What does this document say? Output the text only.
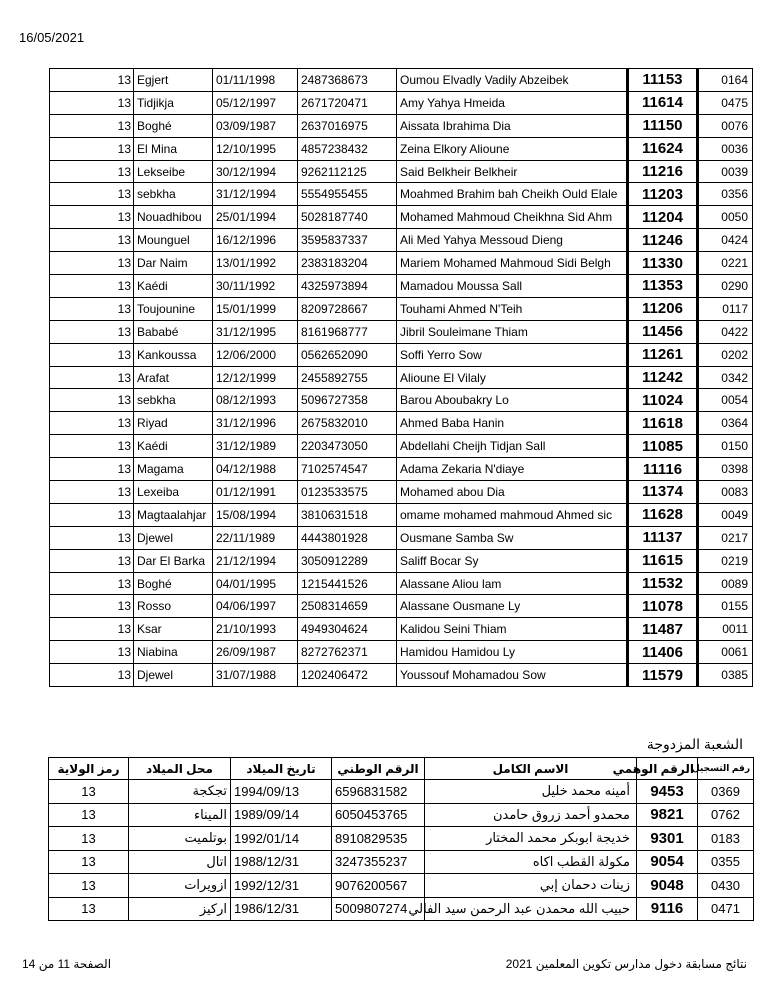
16/05/2021
13	Egjert	01/11/1998	2487368673	Oumou Elvadly Vadily Abzeibek	11153	0164
13	Tidjikja	05/12/1997	2671720471	Amy Yahya Hmeida	11614	0475
13	Boghé	03/09/1987	2637016975	Aissata Ibrahima Dia	11150	0076
13	El Mina	12/10/1995	4857238432	Zeina Elkory Alioune	11624	0036
13	Lekseibe	30/12/1994	9262112125	Said Belkheir Belkheir	11216	0039
13	sebkha	31/12/1994	5554955455	Moahmed Brahim bah Cheikh Ould Elale	11203	0356
13	Nouadhibou	25/01/1994	5028187740	Mohamed Mahmoud Cheikhna Sid Ahm	11204	0050
13	Mounguel	16/12/1996	3595837337	Ali Med Yahya Messoud Dieng	11246	0424
13	Dar Naim	13/01/1992	2383183204	Mariem Mohamed Mahmoud Sidi Belgh	11330	0221
13	Kaédi	30/11/1992	4325973894	Mamadou Moussa Sall	11353	0290
13	Toujounine	15/01/1999	8209728667	Touhami Ahmed N'Teih	11206	0117
13	Bababé	31/12/1995	8161968777	Jibril Souleimane Thiam	11456	0422
13	Kankoussa	12/06/2000	0562652090	Soffi Yerro Sow	11261	0202
13	Arafat	12/12/1999	2455892755	Alioune El Vilaly	11242	0342
13	sebkha	08/12/1993	5096727358	Barou Aboubakry Lo	11024	0054
13	Riyad	31/12/1996	2675832010	Ahmed Baba Hanin	11618	0364
13	Kaédi	31/12/1989	2203473050	Abdellahi Cheijh Tidjan Sall	11085	0150
13	Magama	04/12/1988	7102574547	Adama Zekaria N'diaye	11116	0398
13	Lexeiba	01/12/1991	0123533575	Mohamed abou Dia	11374	0083
13	Magtaalahjar	15/08/1994	3810631518	omame mohamed mahmoud Ahmed sic	11628	0049
13	Djewel	22/11/1989	4443801928	Ousmane Samba Sw	11137	0217
13	Dar El Barka	21/12/1994	3050912289	Saliff Bocar Sy	11615	0219
13	Boghé	04/01/1995	1215441526	Alassane Aliou lam	11532	0089
13	Rosso	04/06/1997	2508314659	Alassane Ousmane Ly	11078	0155
13	Ksar	21/10/1993	4949304624	Kalidou Seini Thiam	11487	0011
13	Niabina	26/09/1987	8272762371	Hamidou Hamidou Ly	11406	0061
13	Djewel	31/07/1988	1202406472	Youssouf Mohamadou Sow	11579	0385
الشعبة المزدوجة
رقم التسجيل	الرقم الوهمي	الاسم الكامل	الرقم الوطني	تاريخ الميلاد	محل الميلاد	رمز الولاية
0369	9453	أمينه محمد خليل	6596831582	1994/09/13	تجكجة	13
0762	9821	محمدو أحمد زروق حامدن	6050453765	1989/09/14	الميناء	13
0183	9301	خديجة ابوبكر محمد المختار	8910829535	1992/01/14	بوتلميت	13
0355	9054	مكولة القطب اكاه	3247355237	1988/12/31	اتال	13
0430	9048	زينات دحمان إبي	9076200567	1992/12/31	ازويرات	13
0471	9116	حبيب الله محمدن عبد الرحمن سيد الفالي	5009807274	1986/12/31	اركيز	13
الصفحة 11 من 14	نتائج مسابقة دخول مدارس تكوين المعلمين 2021
